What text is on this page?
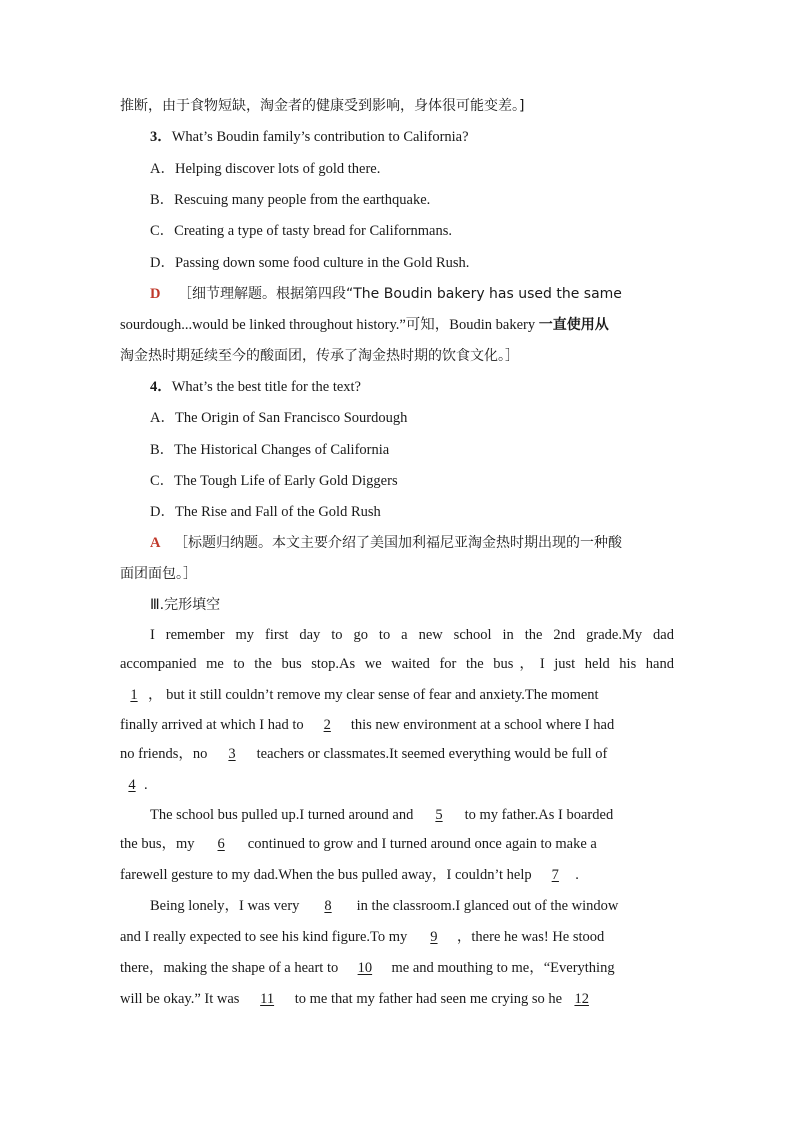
推断，由于食物短缺，淘金者的健康受到影响，身体很可能变差。]
3．What’s Boudin family’s contribution to California?
A．Helping discover lots of gold there.
B．Rescuing many people from the earthquake.
C．Creating a type of tasty bread for Californmans.
D．Passing down some food culture in the Gold Rush.
D ［细节理解题。根据第四段“The Boudin bakery has used the same
sourdough...would be linked throughout history.”可知，Boudin bakery 一直使用从
淘金热时期延续至今的酸面团，传承了淘金热时期的饮食文化。］
4．What’s the best title for the text?
A．The Origin of San Francisco Sourdough
B．The Historical Changes of California
C．The Tough Life of Early Gold Diggers
D．The Rise and Fall of the Gold Rush
A ［标题归纳题。本文主要介绍了美国加利福尼亚淘金热时期出现的一种酸
面团面包。］
Ⅲ.完形填空
I remember my first day to go to a new school in the 2nd grade.My dad
accompanied me to the bus stop.As we waited for the bus，I just held his hand
1 ， but it still couldn’t remove my clear sense of fear and anxiety.The moment
finally arrived at which I had to 2 this new environment at a school where I had
no friends，no 3 teachers or classmates.It seemed everything would be full of
4 .
The school bus pulled up.I turned around and 5 to my father.As I boarded
the bus，my 6 continued to grow and I turned around once again to make a
farewell gesture to my dad.When the bus pulled away，I couldn’t help 7 .
Being lonely，I was very 8 in the classroom.I glanced out of the window
and I really expected to see his kind figure.To my 9 ，there he was! He stood
there，making the shape of a heart to 10 me and mouthing to me，“Everything
will be okay.” It was 11 to me that my father had seen me crying so he 12
